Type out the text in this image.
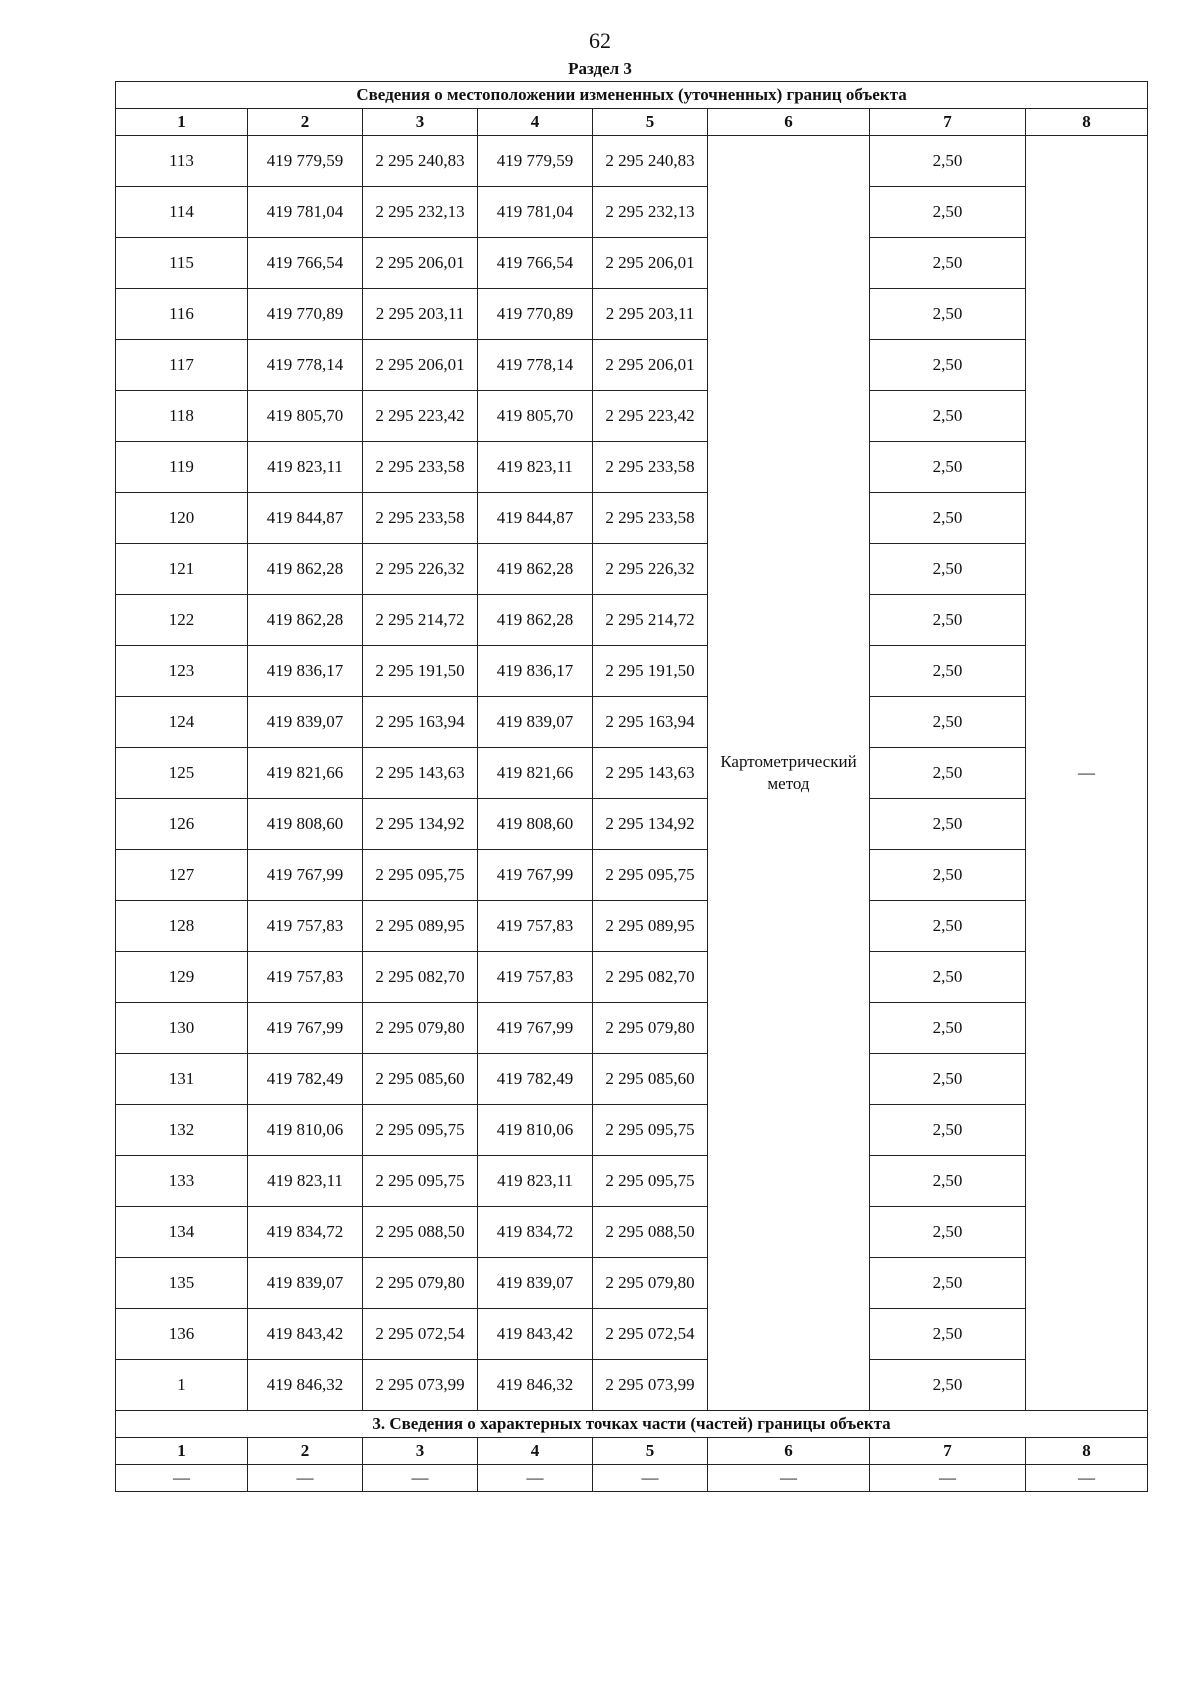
62
Раздел 3
Сведения о местоположении измененных (уточненных) границ объекта							
1	2	3	4	5	6	7	8
113	419 779,59	2 295 240,83	419 779,59	2 295 240,83	Картометрический метод	2,50	—
114	419 781,04	2 295 232,13	419 781,04	2 295 232,13		2,50	
115	419 766,54	2 295 206,01	419 766,54	2 295 206,01		2,50	
116	419 770,89	2 295 203,11	419 770,89	2 295 203,11		2,50	
117	419 778,14	2 295 206,01	419 778,14	2 295 206,01		2,50	
118	419 805,70	2 295 223,42	419 805,70	2 295 223,42		2,50	
119	419 823,11	2 295 233,58	419 823,11	2 295 233,58		2,50	
120	419 844,87	2 295 233,58	419 844,87	2 295 233,58		2,50	
121	419 862,28	2 295 226,32	419 862,28	2 295 226,32		2,50	
122	419 862,28	2 295 214,72	419 862,28	2 295 214,72		2,50	
123	419 836,17	2 295 191,50	419 836,17	2 295 191,50		2,50	
124	419 839,07	2 295 163,94	419 839,07	2 295 163,94		2,50	
125	419 821,66	2 295 143,63	419 821,66	2 295 143,63		2,50	
126	419 808,60	2 295 134,92	419 808,60	2 295 134,92		2,50	
127	419 767,99	2 295 095,75	419 767,99	2 295 095,75		2,50	
128	419 757,83	2 295 089,95	419 757,83	2 295 089,95		2,50	
129	419 757,83	2 295 082,70	419 757,83	2 295 082,70		2,50	
130	419 767,99	2 295 079,80	419 767,99	2 295 079,80		2,50	
131	419 782,49	2 295 085,60	419 782,49	2 295 085,60		2,50	
132	419 810,06	2 295 095,75	419 810,06	2 295 095,75		2,50	
133	419 823,11	2 295 095,75	419 823,11	2 295 095,75		2,50	
134	419 834,72	2 295 088,50	419 834,72	2 295 088,50		2,50	
135	419 839,07	2 295 079,80	419 839,07	2 295 079,80		2,50	
136	419 843,42	2 295 072,54	419 843,42	2 295 072,54		2,50	
1	419 846,32	2 295 073,99	419 846,32	2 295 073,99		2,50	
3. Сведения о характерных точках части (частей) границы объекта							
1	2	3	4	5	6	7	8
—	—	—	—	—	—	—	—
